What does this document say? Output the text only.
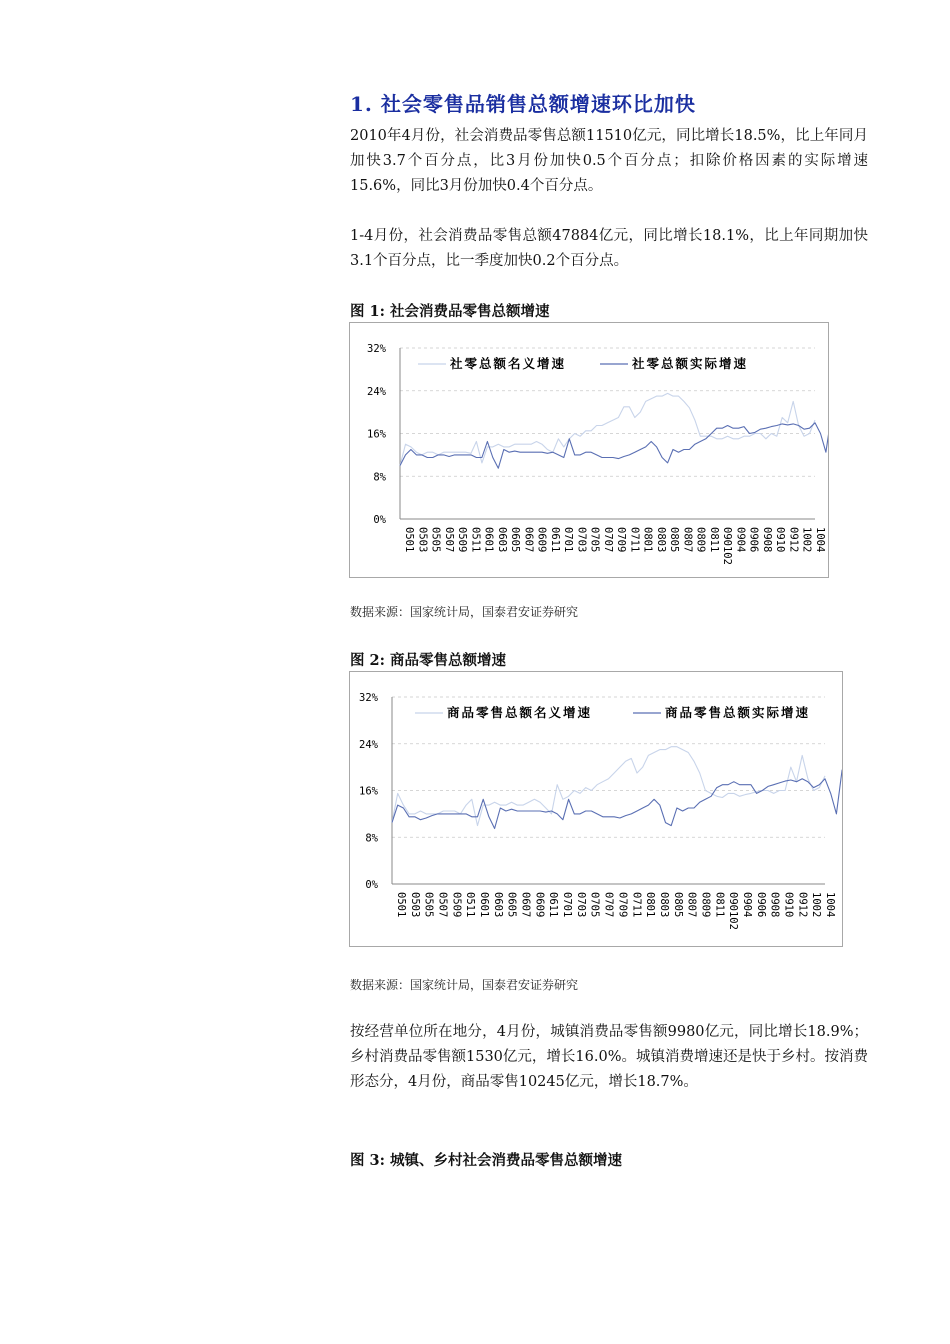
1. 社会零售品销售总额增速环比加快
2010年4月份，社会消费品零售总额11510亿元，同比增长18.5%，比上年同月加快3.7个百分点，比3月份加快0.5个百分点；扣除价格因素的实际增速15.6%，同比3月份加快0.4个百分点。
1-4月份，社会消费品零售总额47884亿元，同比增长18.1%，比上年同期加快3.1个百分点，比一季度加快0.2个百分点。
图 1: 社会消费品零售总额增速
0%
8%
16%
24%
32%
0501 0503 0505 0507 0509 0511 0601 0603 0605 0607 0609 0611 0701 0703 0705 0707 0709 0711 0801 0803 0805 0807 0809 0811 090102 0904 0906 0908 0910 0912 1002 1004
社零总额名义增速	社零总额实际增速
数据来源：国家统计局，国泰君安证券研究
图 2: 商品零售总额增速
0%
8%
16%
24%
32%
0501 0503 0505 0507 0509 0511 0601 0603 0605 0607 0609 0611 0701 0703 0705 0707 0709 0711 0801 0803 0805 0807 0809 0811 090102 0904 0906 0908 0910 0912 1002 1004
商品零售总额名义增速	商品零售总额实际增速
数据来源：国家统计局，国泰君安证券研究
按经营单位所在地分，4月份，城镇消费品零售额9980亿元，同比增长18.9%；乡村消费品零售额1530亿元，增长16.0%。城镇消费增速还是快于乡村。按消费形态分，4月份，商品零售10245亿元，增长18.7%。
图 3: 城镇、乡村社会消费品零售总额增速
